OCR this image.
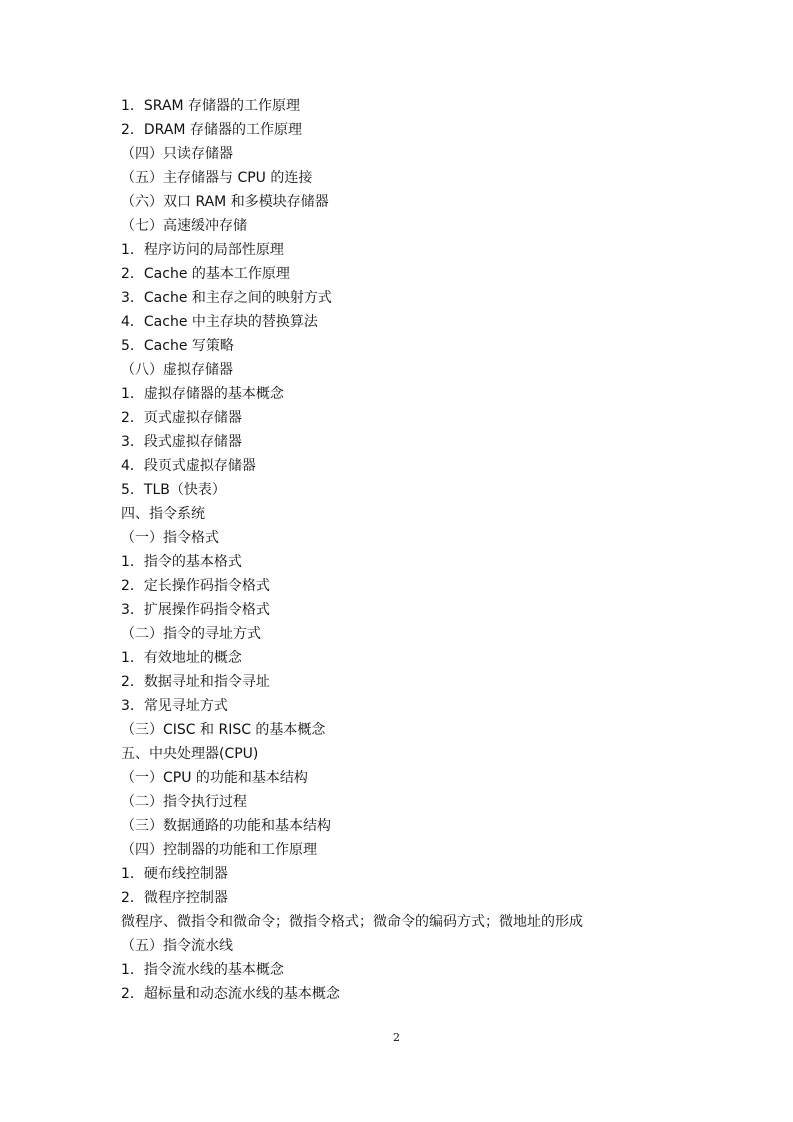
1．SRAM 存储器的工作原理
2．DRAM 存储器的工作原理
（四）只读存储器
（五）主存储器与 CPU 的连接
（六）双口 RAM 和多模块存储器
（七）高速缓冲存储
1．程序访问的局部性原理
2．Cache 的基本工作原理
3．Cache 和主存之间的映射方式
4．Cache 中主存块的替换算法
5．Cache 写策略
（八）虚拟存储器
1．虚拟存储器的基本概念
2．页式虚拟存储器
3．段式虚拟存储器
4．段页式虚拟存储器
5．TLB（快表）
四、指令系统
（一）指令格式
1．指令的基本格式
2．定长操作码指令格式
3．扩展操作码指令格式
（二）指令的寻址方式
1．有效地址的概念
2．数据寻址和指令寻址
3．常见寻址方式
（三）CISC 和 RISC 的基本概念
五、中央处理器(CPU)
（一）CPU 的功能和基本结构
（二）指令执行过程
（三）数据通路的功能和基本结构
（四）控制器的功能和工作原理
1．硬布线控制器
2．微程序控制器
微程序、微指令和微命令；微指令格式；微命令的编码方式；微地址的形成
（五）指令流水线
1．指令流水线的基本概念
2．超标量和动态流水线的基本概念
2
